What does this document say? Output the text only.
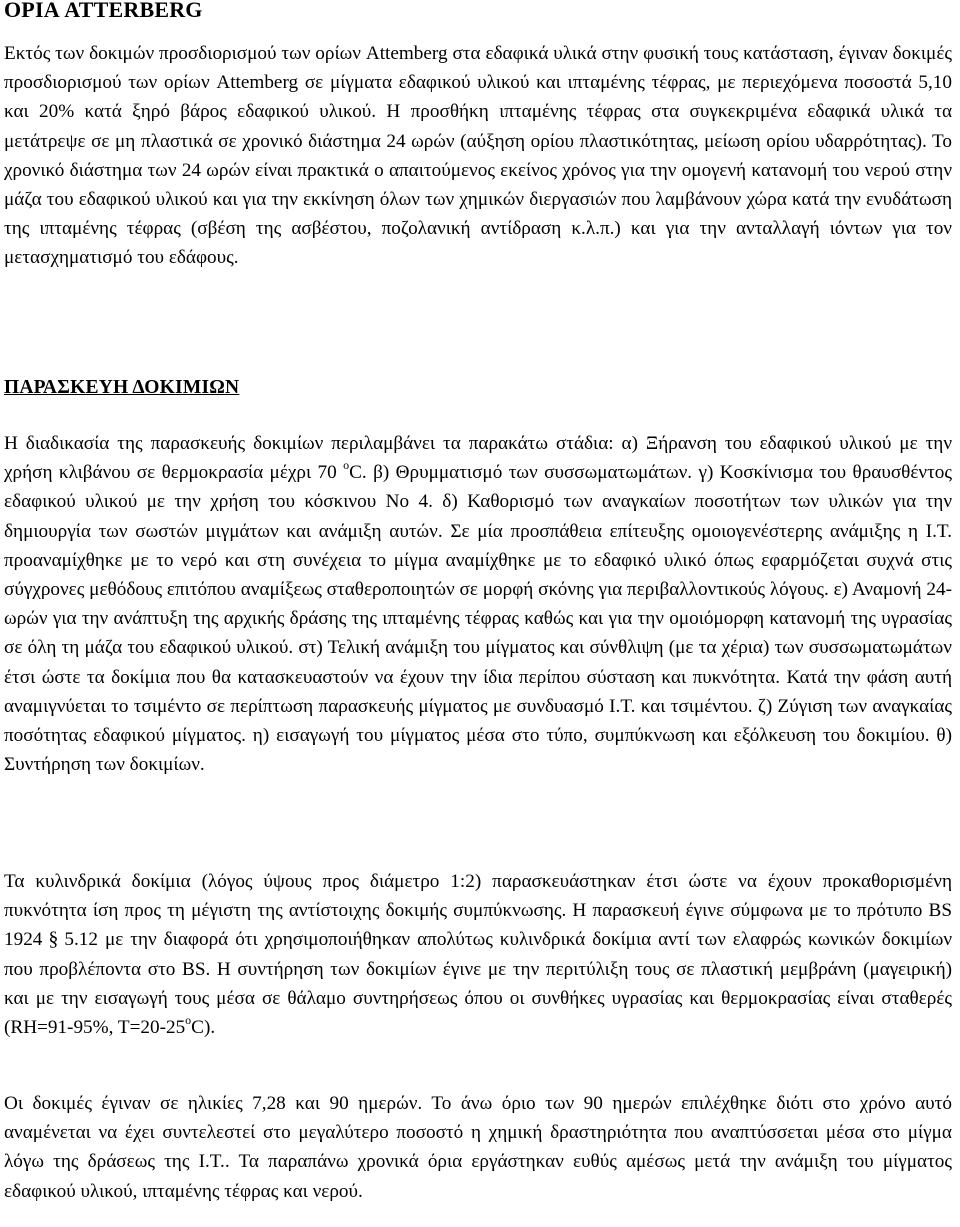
ΟΡΙΑ ATTERBERG

Εκτός των δοκιμών προσδιορισμού των ορίων Attemberg στα εδαφικά υλικά στην φυσική τους κατάσταση, έγιναν δοκιμές προσδιορισμού των ορίων Attemberg σε μίγματα εδαφικού υλικού και ιπταμένης τέφρας, με περιεχόμενα ποσοστά 5,10 και 20% κατά ξηρό βάρος εδαφικού υλικού. Η προσθήκη ιπταμένης τέφρας στα συγκεκριμένα εδαφικά υλικά τα μετάτρεψε σε μη πλαστικά σε χρονικό διάστημα 24 ωρών (αύξηση ορίου πλαστικότητας, μείωση ορίου υδαρρότητας). Το χρονικό διάστημα των 24 ωρών είναι πρακτικά ο απαιτούμενος εκείνος χρόνος για την ομογενή κατανομή του νερού στην μάζα του εδαφικού υλικού και για την εκκίνηση όλων των χημικών διεργασιών που λαμβάνουν χώρα κατά την ενυδάτωση της ιπταμένης τέφρας (σβέση της ασβέστου, ποζολανική αντίδραση κ.λ.π.) και για την ανταλλαγή ιόντων για τον μετασχηματισμό του εδάφους.

ΠΑΡΑΣΚΕΥΗ ΔΟΚΙΜΙΩΝ

Η διαδικασία της παρασκευής δοκιμίων περιλαμβάνει τα παρακάτω στάδια: α) Ξήρανση του εδαφικού υλικού με την χρήση κλιβάνου σε θερμοκρασία μέχρι 70 $^o$C. β) Θρυμματισμό των συσσωματωμάτων. γ) Κοσκίνισμα του θραυσθέντος εδαφικού υλικού με την χρήση του κόσκινου Νο 4. δ) Καθορισμό των αναγκαίων ποσοτήτων των υλικών για την δημιουργία των σωστών μιγμάτων και ανάμιξη αυτών. Σε μία προσπάθεια επίτευξης ομοιογενέστερης ανάμιξης η Ι.Τ. προαναμίχθηκε με το νερό και στη συνέχεια το μίγμα αναμίχθηκε με το εδαφικό υλικό όπως εφαρμόζεται συχνά στις σύγχρονες μεθόδους επιτόπου αναμίξεως σταθεροποιητών σε μορφή σκόνης για περιβαλλοντικούς λόγους. ε) Αναμονή 24-ωρών για την ανάπτυξη της αρχικής δράσης της ιπταμένης τέφρας καθώς και για την ομοιόμορφη κατανομή της υγρασίας σε όλη τη μάζα του εδαφικού υλικού. στ) Τελική ανάμιξη του μίγματος και σύνθλιψη (με τα χέρια) των συσσωματωμάτων έτσι ώστε τα δοκίμια που θα κατασκευαστούν να έχουν την ίδια περίπου σύσταση και πυκνότητα. Κατά την φάση αυτή αναμιγνύεται το τσιμέντο σε περίπτωση παρασκευής μίγματος με συνδυασμό Ι.Τ. και τσιμέντου. ζ) Ζύγιση των αναγκαίας ποσότητας εδαφικού μίγματος. η) εισαγωγή του μίγματος μέσα στο τύπο, συμπύκνωση και εξόλκευση του δοκιμίου. θ) Συντήρηση των δοκιμίων.

Τα κυλινδρικά δοκίμια (λόγος ύψους προς διάμετρο 1:2) παρασκευάστηκαν έτσι ώστε να έχουν προκαθορισμένη πυκνότητα ίση προς τη μέγιστη της αντίστοιχης δοκιμής συμπύκνωσης. Η παρασκευή έγινε σύμφωνα με το πρότυπο BS 1924 § 5.12 με την διαφορά ότι χρησιμοποιήθηκαν απολύτως κυλινδρικά δοκίμια αντί των ελαφρώς κωνικών δοκιμίων που προβλέποντα στο BS. Η συντήρηση των δοκιμίων έγινε με την περιτύλιξη τους σε πλαστική μεμβράνη (μαγειρική) και με την εισαγωγή τους μέσα σε θάλαμο συντηρήσεως όπου οι συνθήκες υγρασίας και θερμοκρασίας είναι σταθερές (RH=91-95%, $T=20-25^oC$).

Οι δοκιμές έγιναν σε ηλικίες 7,28 και 90 ημερών. Το άνω όριο των 90 ημερών επιλέχθηκε διότι στο χρόνο αυτό αναμένεται να έχει συντελεστεί στο μεγαλύτερο ποσοστό η χημική δραστηριότητα που αναπτύσσεται μέσα στο μίγμα λόγω της δράσεως της Ι.Τ.. Τα παραπάνω χρονικά όρια εργάστηκαν ευθύς αμέσως μετά την ανάμιξη του μίγματος εδαφικού υλικού, ιπταμένης τέφρας και νερού.
